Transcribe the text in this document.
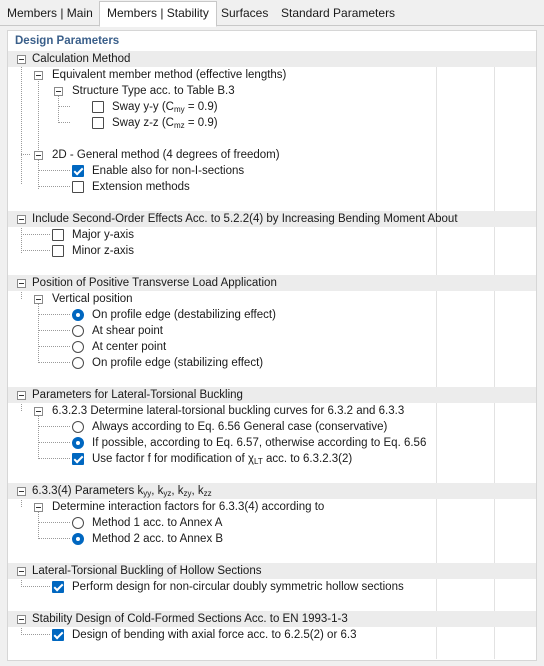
Members | Main	Members | Stability	Surfaces	Standard Parameters
Design Parameters
Calculation Method
Equivalent member method (effective lengths)
Structure Type acc. to Table B.3
Sway y-y $(C_{my} = 0.9)$
Sway z-z $(C_{mz} = 0.9)$
2D - General method (4 degrees of freedom)
Enable also for non-I-sections
Extension methods
Include Second-Order Effects Acc. to 5.2.2(4) by Increasing Bending Moment About
Major y-axis
Minor z-axis
Position of Positive Transverse Load Application
Vertical position
On profile edge (destabilizing effect)
At shear point
At center point
On profile edge (stabilizing effect)
Parameters for Lateral-Torsional Buckling
6.3.2.3 Determine lateral-torsional buckling curves for 6.3.2 and 6.3.3
Always according to Eq. 6.56 General case (conservative)
If possible, according to Eq. 6.57, otherwise according to Eq. 6.56
Use factor f for modification of $\chi_{LT}$ acc. to 6.3.2.3(2)
6.3.3(4) Parameters $k_{yy}$, $k_{yz}$, $k_{zy}$, $k_{zz}$
Determine interaction factors for 6.3.3(4) according to
Method 1 acc. to Annex A
Method 2 acc. to Annex B
Lateral-Torsional Buckling of Hollow Sections
Perform design for non-circular doubly symmetric hollow sections
Stability Design of Cold-Formed Sections Acc. to EN 1993-1-3
Design of bending with axial force acc. to 6.2.5(2) or 6.3
